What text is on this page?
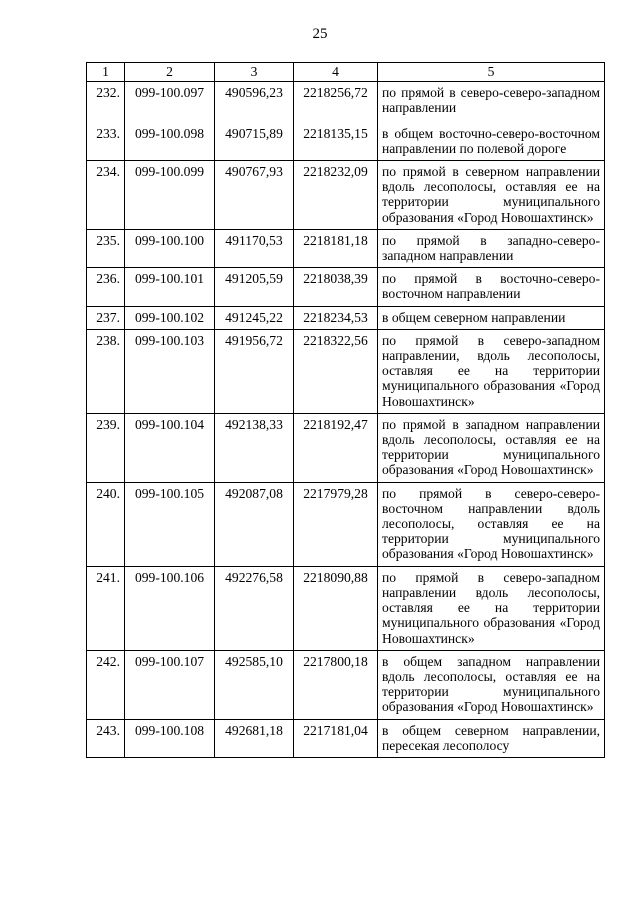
25
1	2	3	4	5
232.	099-100.097	490596,23	2218256,72	по прямой в северо-северо-западном направлении
233.	099-100.098	490715,89	2218135,15	в общем восточно-северо-восточном направлении по полевой дороге
234.	099-100.099	490767,93	2218232,09	по прямой в северном направлении вдоль лесополосы, оставляя ее на территории муниципального образования «Город Новошахтинск»
235.	099-100.100	491170,53	2218181,18	по прямой в западно-северо-западном направлении
236.	099-100.101	491205,59	2218038,39	по прямой в восточно-северо-восточном направлении
237.	099-100.102	491245,22	2218234,53	в общем северном направлении
238.	099-100.103	491956,72	2218322,56	по прямой в северо-западном направлении, вдоль лесополосы, оставляя ее на территории муниципального образования «Город Новошахтинск»
239.	099-100.104	492138,33	2218192,47	по прямой в западном направлении вдоль лесополосы, оставляя ее на территории муниципального образования «Город Новошахтинск»
240.	099-100.105	492087,08	2217979,28	по прямой в северо-северо-восточном направлении вдоль лесополосы, оставляя ее на территории муниципального образования «Город Новошахтинск»
241.	099-100.106	492276,58	2218090,88	по прямой в северо-западном направлении вдоль лесополосы, оставляя ее на территории муниципального образования «Город Новошахтинск»
242.	099-100.107	492585,10	2217800,18	в общем западном направлении вдоль лесополосы, оставляя ее на территории муниципального образования «Город Новошахтинск»
243.	099-100.108	492681,18	2217181,04	в общем северном направлении, пересекая лесополосу
